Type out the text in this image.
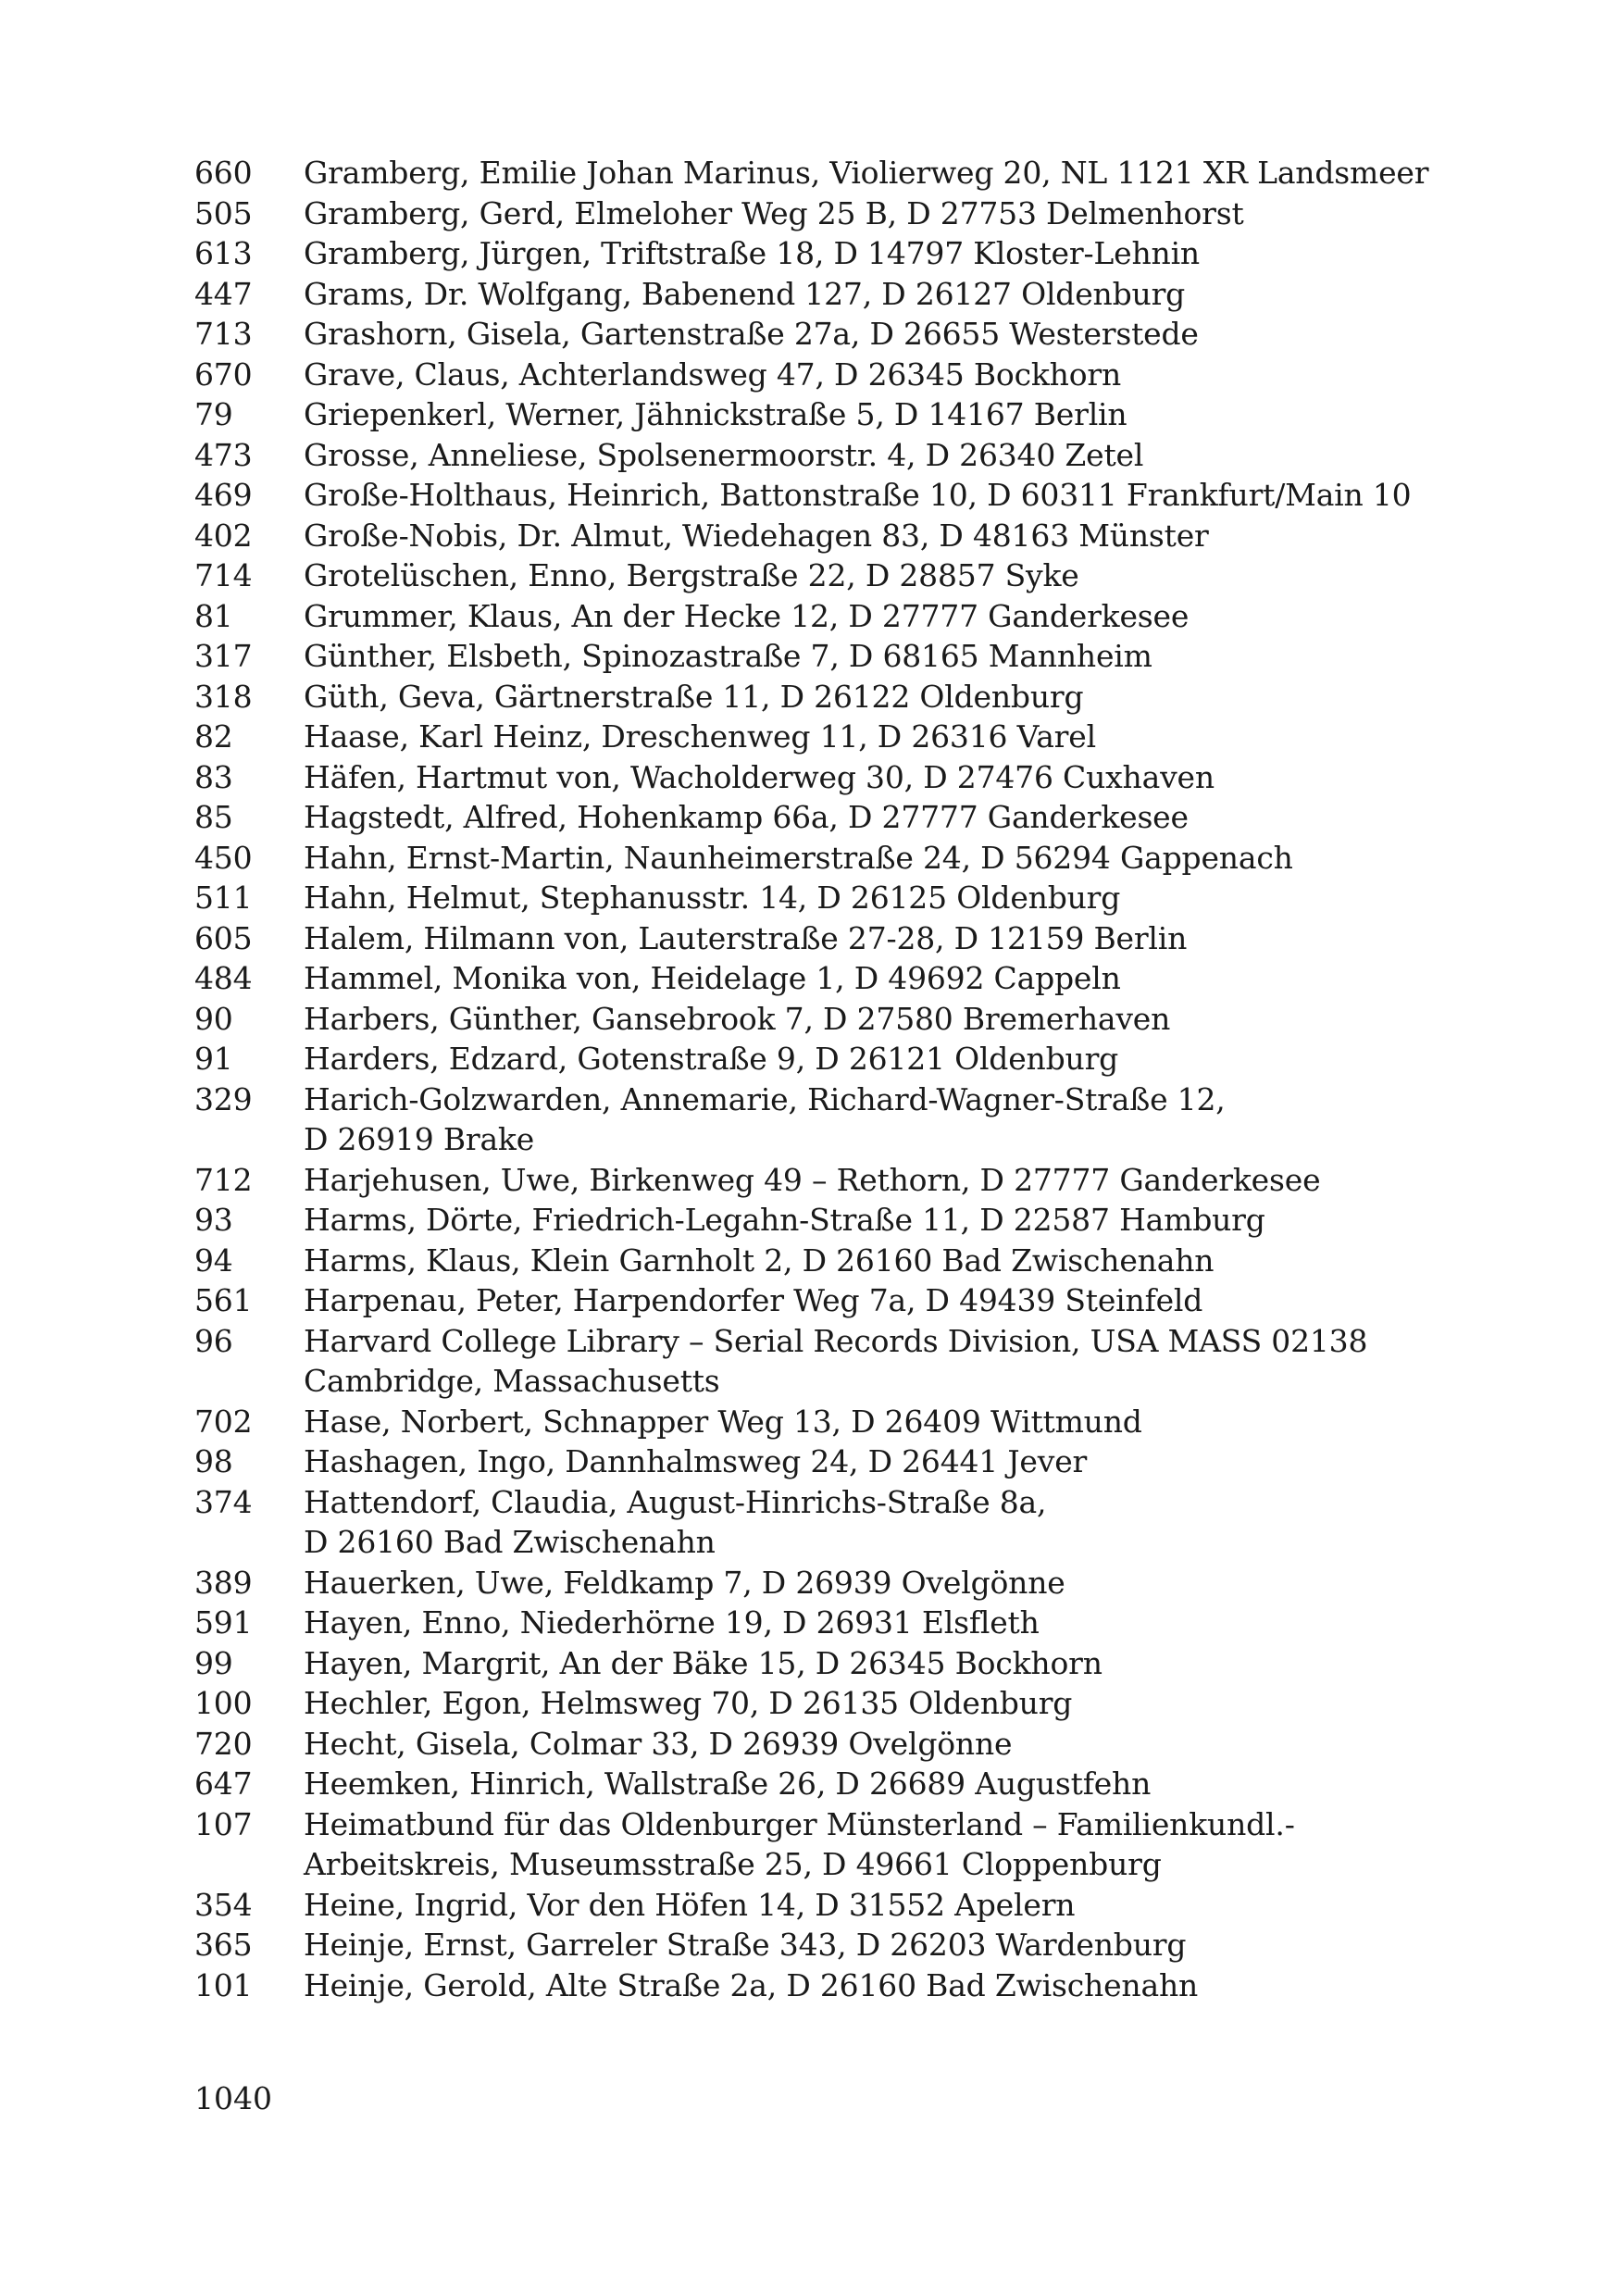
660	Gramberg, Emilie Johan Marinus, Violierweg 20, NL 1121 XR Landsmeer
505	Gramberg, Gerd, Elmeloher Weg 25 B, D 27753 Delmenhorst
613	Gramberg, Jürgen, Triftstraße 18, D 14797 Kloster-Lehnin
447	Grams, Dr. Wolfgang, Babenend 127, D 26127 Oldenburg
713	Grashorn, Gisela, Gartenstraße 27a, D 26655 Westerstede
670	Grave, Claus, Achterlandsweg 47, D 26345 Bockhorn
79	Griepenkerl, Werner, Jähnickstraße 5, D 14167 Berlin
473	Grosse, Anneliese, Spolsenermoorstr. 4, D 26340 Zetel
469	Große-Holthaus, Heinrich, Battonstraße 10, D 60311 Frankfurt/Main 10
402	Große-Nobis, Dr. Almut, Wiedehagen 83, D 48163 Münster
714	Grotelüschen, Enno, Bergstraße 22, D 28857 Syke
81	Grummer, Klaus, An der Hecke 12, D 27777 Ganderkesee
317	Günther, Elsbeth, Spinozastraße 7, D 68165 Mannheim
318	Güth, Geva, Gärtnerstraße 11, D 26122 Oldenburg
82	Haase, Karl Heinz, Dreschenweg 11, D 26316 Varel
83	Häfen, Hartmut von, Wacholderweg 30, D 27476 Cuxhaven
85	Hagstedt, Alfred, Hohenkamp 66a, D 27777 Ganderkesee
450	Hahn, Ernst-Martin, Naunheimerstraße 24, D 56294 Gappenach
511	Hahn, Helmut, Stephanusstr. 14, D 26125 Oldenburg
605	Halem, Hilmann von, Lauterstraße 27-28, D 12159 Berlin
484	Hammel, Monika von, Heidelage 1, D 49692 Cappeln
90	Harbers, Günther, Gansebrook 7, D 27580 Bremerhaven
91	Harders, Edzard, Gotenstraße 9, D 26121 Oldenburg
329	Harich-Golzwarden, Annemarie, Richard-Wagner-Straße 12,
D 26919 Brake
712	Harjehusen, Uwe, Birkenweg 49 – Rethorn, D 27777 Ganderkesee
93	Harms, Dörte, Friedrich-Legahn-Straße 11, D 22587 Hamburg
94	Harms, Klaus, Klein Garnholt 2, D 26160 Bad Zwischenahn
561	Harpenau, Peter, Harpendorfer Weg 7a, D 49439 Steinfeld
96	Harvard College Library – Serial Records Division, USA MASS 02138
Cambridge, Massachusetts
702	Hase, Norbert, Schnapper Weg 13, D 26409 Wittmund
98	Hashagen, Ingo, Dannhalmsweg 24, D 26441 Jever
374	Hattendorf, Claudia, August-Hinrichs-Straße 8a,
D 26160 Bad Zwischenahn
389	Hauerken, Uwe, Feldkamp 7, D 26939 Ovelgönne
591	Hayen, Enno, Niederhörne 19, D 26931 Elsfleth
99	Hayen, Margrit, An der Bäke 15, D 26345 Bockhorn
100	Hechler, Egon, Helmsweg 70, D 26135 Oldenburg
720	Hecht, Gisela, Colmar 33, D 26939 Ovelgönne
647	Heemken, Hinrich, Wallstraße 26, D 26689 Augustfehn
107	Heimatbund für das Oldenburger Münsterland – Familienkundl.-
Arbeitskreis, Museumsstraße 25, D 49661 Cloppenburg
354	Heine, Ingrid, Vor den Höfen 14, D 31552 Apelern
365	Heinje, Ernst, Garreler Straße 343, D 26203 Wardenburg
101	Heinje, Gerold, Alte Straße 2a, D 26160 Bad Zwischenahn
1040
